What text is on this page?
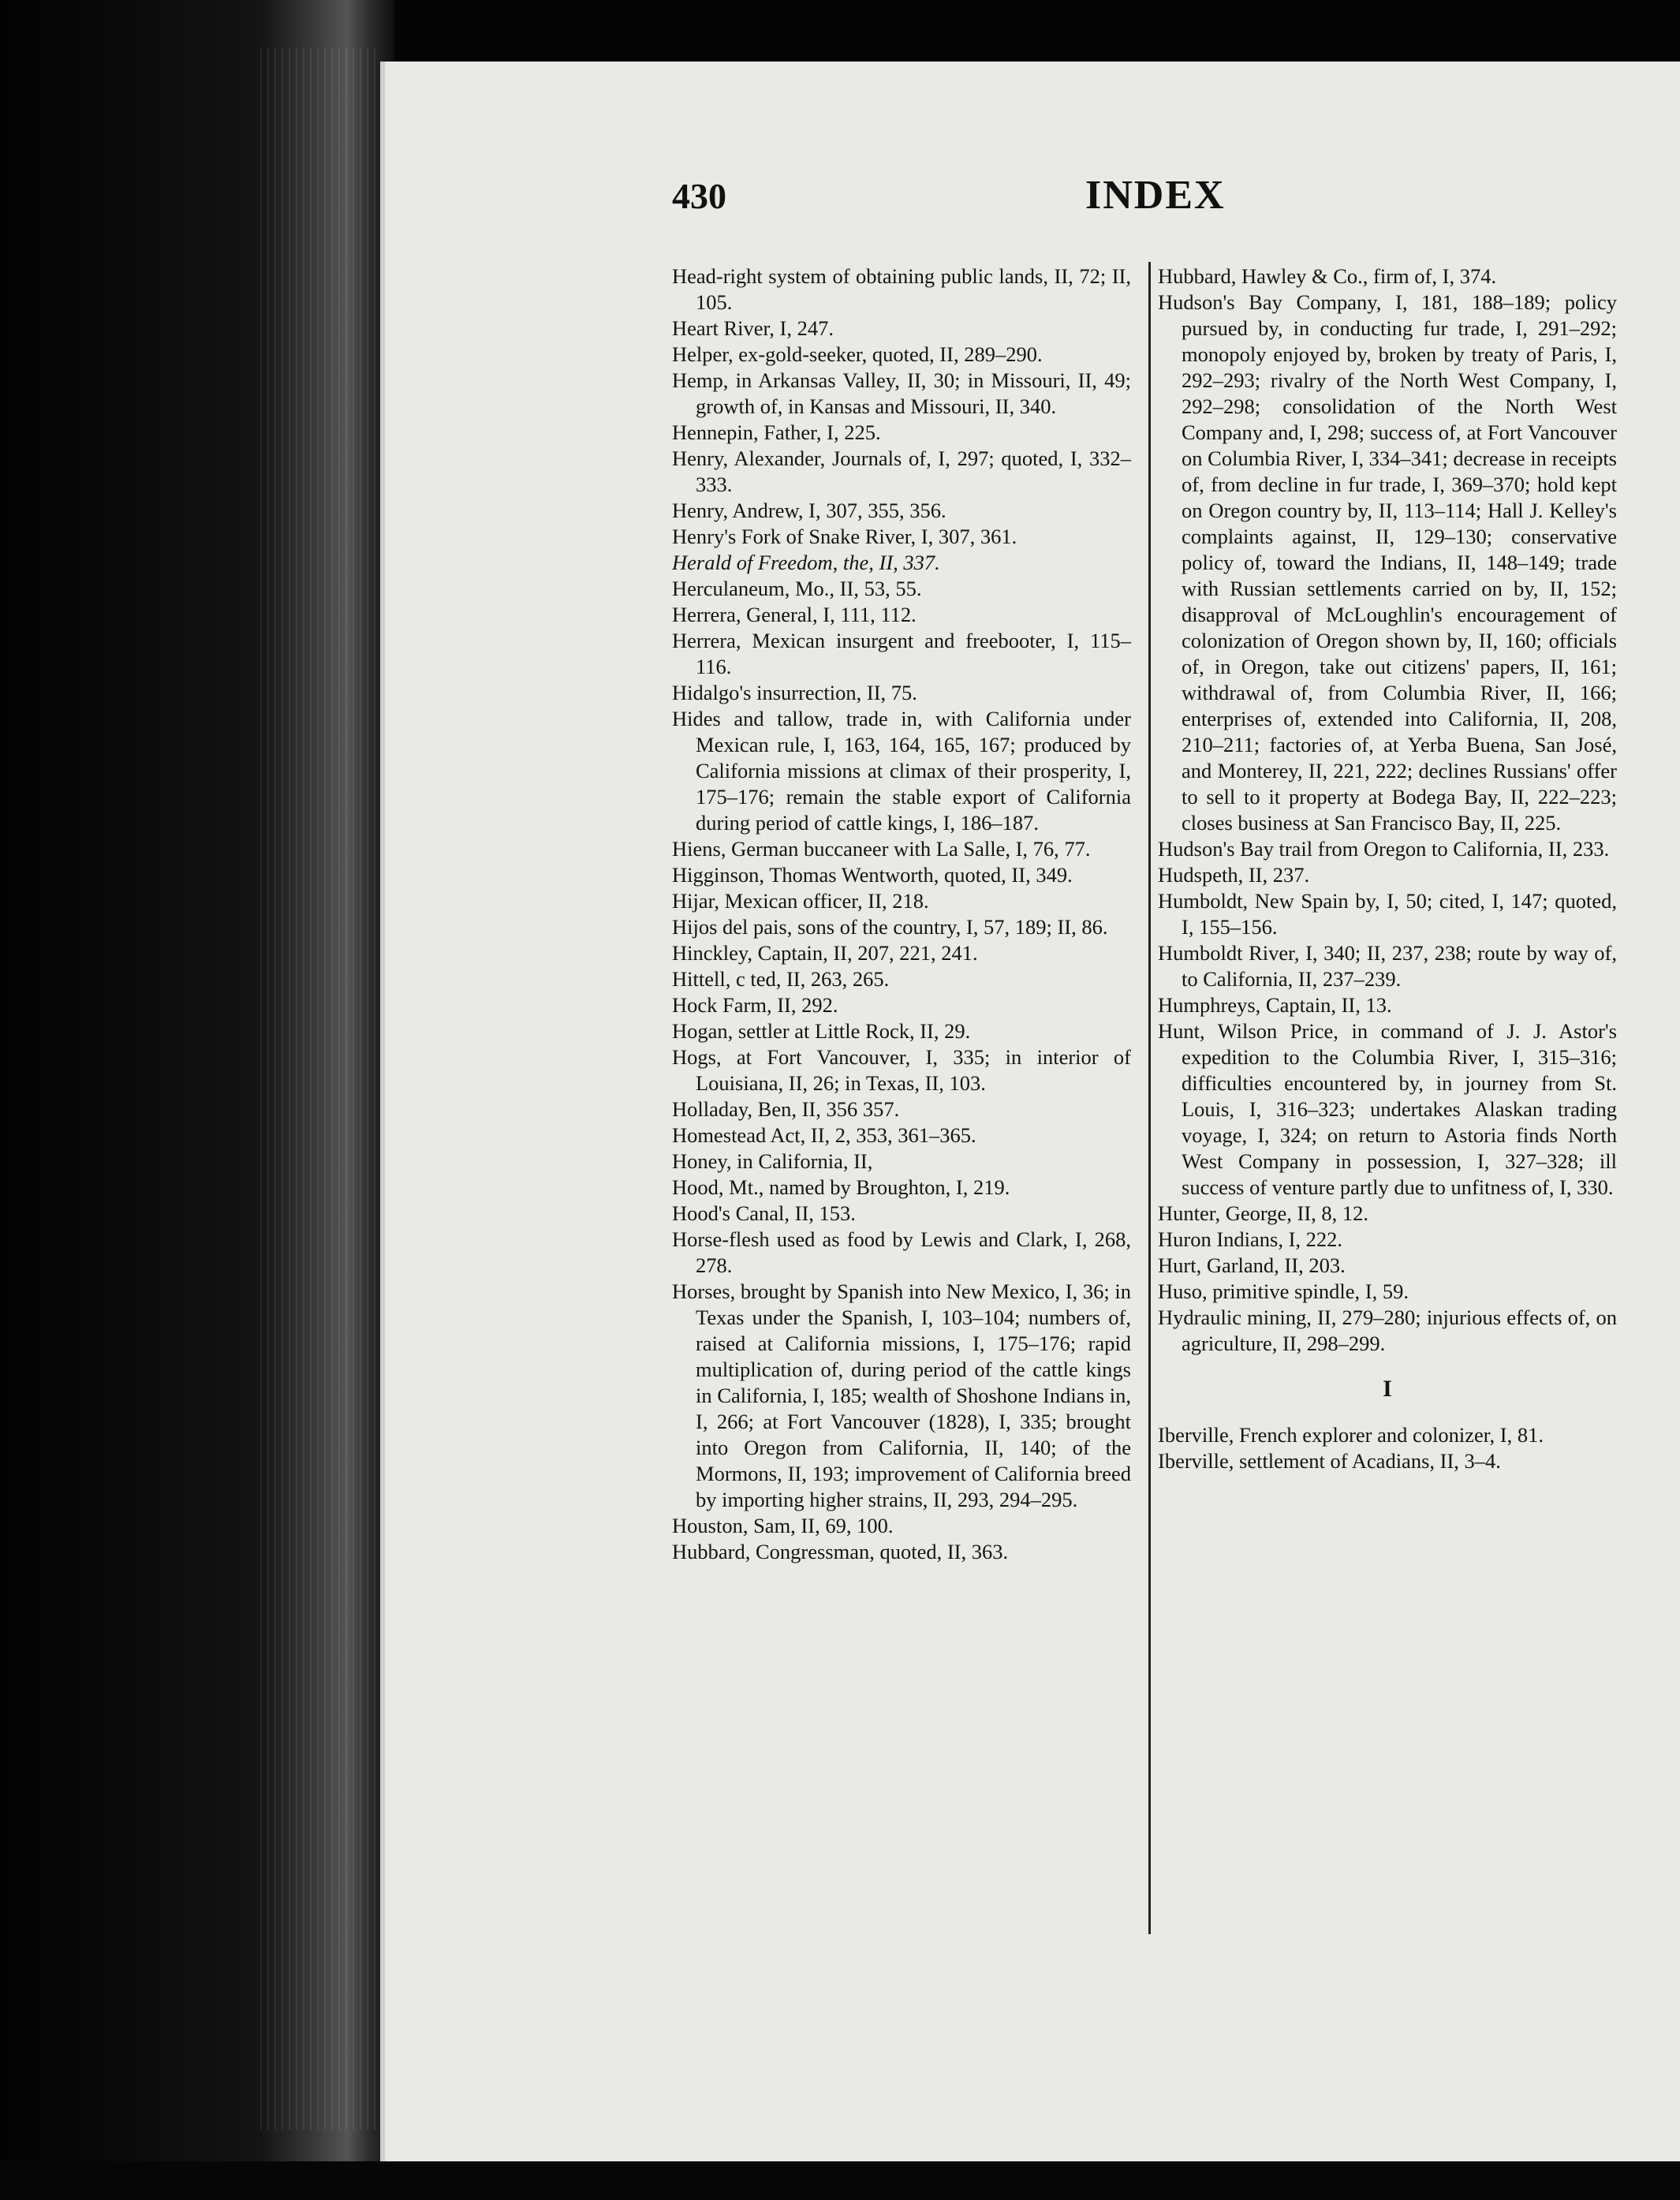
430	INDEX

Head-right system of obtaining public lands, II, 72; II, 105.

Heart River, I, 247.

Helper, ex-gold-seeker, quoted, II, 289–290.

Hemp, in Arkansas Valley, II, 30; in Missouri, II, 49; growth of, in Kansas and Missouri, II, 340.

Hennepin, Father, I, 225.

Henry, Alexander, Journals of, I, 297; quoted, I, 332–333.

Henry, Andrew, I, 307, 355, 356.

Henry's Fork of Snake River, I, 307, 361.

Herald of Freedom, the, II, 337.

Herculaneum, Mo., II, 53, 55.

Herrera, General, I, 111, 112.

Herrera, Mexican insurgent and freebooter, I, 115–116.

Hidalgo's insurrection, II, 75.

Hides and tallow, trade in, with California under Mexican rule, I, 163, 164, 165, 167; produced by California missions at climax of their prosperity, I, 175–176; remain the stable export of California during period of cattle kings, I, 186–187.

Hiens, German buccaneer with La Salle, I, 76, 77.

Higginson, Thomas Wentworth, quoted, II, 349.

Hijar, Mexican officer, II, 218.

Hijos del pais, sons of the country, I, 57, 189; II, 86.

Hinckley, Captain, II, 207, 221, 241.

Hittell, c ted, II, 263, 265.

Hock Farm, II, 292.

Hogan, settler at Little Rock, II, 29.

Hogs, at Fort Vancouver, I, 335; in interior of Louisiana, II, 26; in Texas, II, 103.

Holladay, Ben, II, 356 357.

Homestead Act, II, 2, 353, 361–365.

Honey, in California, II,

Hood, Mt., named by Broughton, I, 219.

Hood's Canal, II, 153.

Horse-flesh used as food by Lewis and Clark, I, 268, 278.

Horses, brought by Spanish into New Mexico, I, 36; in Texas under the Spanish, I, 103–104; numbers of, raised at California missions, I, 175–176; rapid multiplication of, during period of the cattle kings in California, I, 185; wealth of Shoshone Indians in, I, 266; at Fort Vancouver (1828), I, 335; brought into Oregon from California, II, 140; of the Mormons, II, 193; improvement of California breed by importing higher strains, II, 293, 294–295.

Houston, Sam, II, 69, 100.

Hubbard, Congressman, quoted, II, 363.

Hubbard, Hawley & Co., firm of, I, 374.

Hudson's Bay Company, I, 181, 188–189; policy pursued by, in conducting fur trade, I, 291–292; monopoly enjoyed by, broken by treaty of Paris, I, 292–293; rivalry of the North West Company, I, 292–298; consolidation of the North West Company and, I, 298; success of, at Fort Vancouver on Columbia River, I, 334–341; decrease in receipts of, from decline in fur trade, I, 369–370; hold kept on Oregon country by, II, 113–114; Hall J. Kelley's complaints against, II, 129–130; conservative policy of, toward the Indians, II, 148–149; trade with Russian settlements carried on by, II, 152; disapproval of McLoughlin's encouragement of colonization of Oregon shown by, II, 160; officials of, in Oregon, take out citizens' papers, II, 161; withdrawal of, from Columbia River, II, 166; enterprises of, extended into California, II, 208, 210–211; factories of, at Yerba Buena, San José, and Monterey, II, 221, 222; declines Russians' offer to sell to it property at Bodega Bay, II, 222–223; closes business at San Francisco Bay, II, 225.

Hudson's Bay trail from Oregon to California, II, 233.

Hudspeth, II, 237.

Humboldt, New Spain by, I, 50; cited, I, 147; quoted, I, 155–156.

Humboldt River, I, 340; II, 237, 238; route by way of, to California, II, 237–239.

Humphreys, Captain, II, 13.

Hunt, Wilson Price, in command of J. J. Astor's expedition to the Columbia River, I, 315–316; difficulties encountered by, in journey from St. Louis, I, 316–323; undertakes Alaskan trading voyage, I, 324; on return to Astoria finds North West Company in possession, I, 327–328; ill success of venture partly due to unfitness of, I, 330.

Hunter, George, II, 8, 12.

Huron Indians, I, 222.

Hurt, Garland, II, 203.

Huso, primitive spindle, I, 59.

Hydraulic mining, II, 279–280; injurious effects of, on agriculture, II, 298–299.

I

Iberville, French explorer and colonizer, I, 81.

Iberville, settlement of Acadians, II, 3–4.
